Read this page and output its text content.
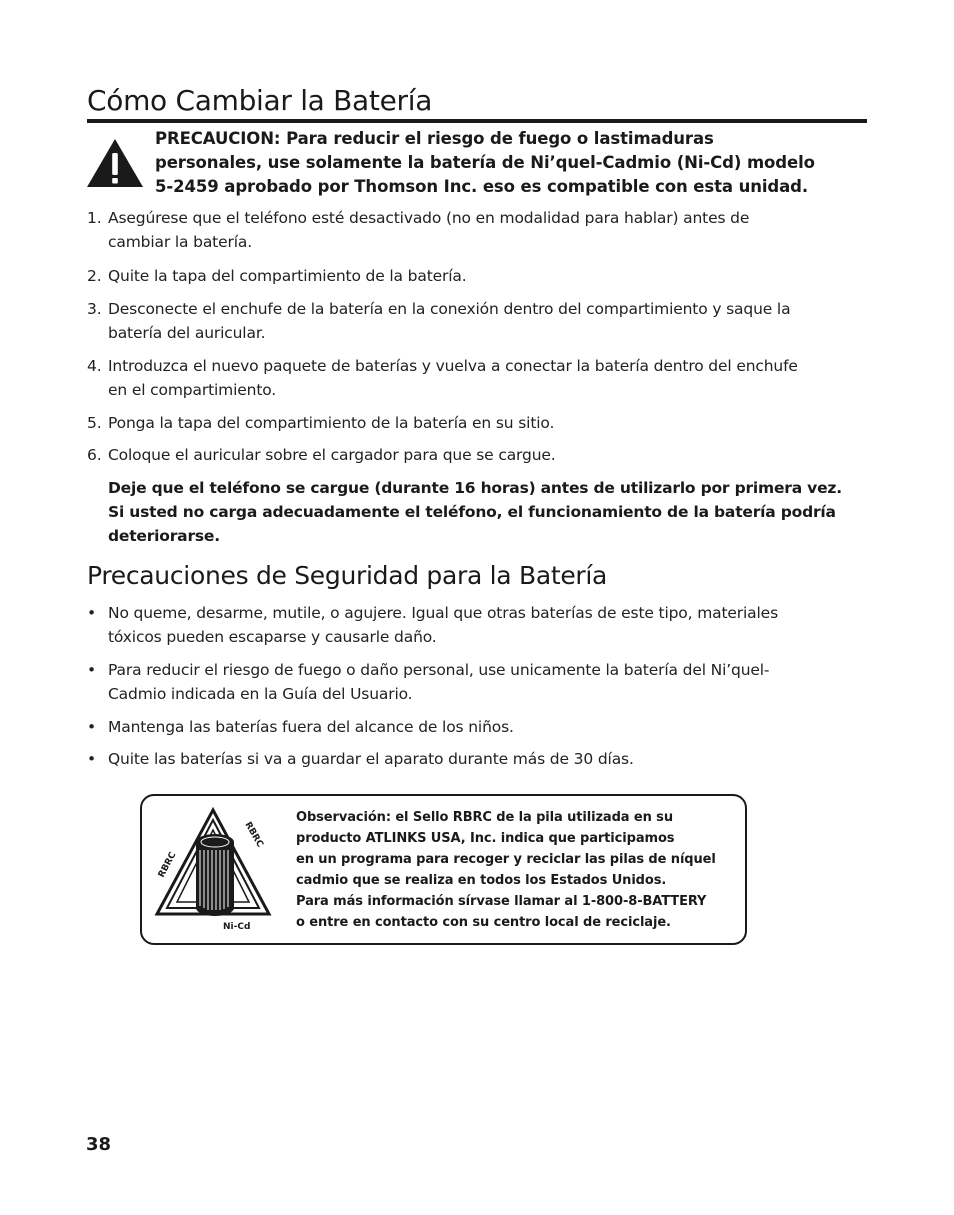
Cómo Cambiar la Batería
PRECAUCION: Para reducir el riesgo de fuego o lastimaduras
personales, use solamente la batería de Ni’quel-Cadmio (Ni-Cd) modelo
5-2459 aprobado por Thomson Inc. eso es compatible con esta unidad.
1. Asegúrese que el teléfono esté desactivado (no en modalidad para hablar) antes de
cambiar la batería.
2. Quite la tapa del compartimiento de la batería.
3. Desconecte el enchufe de la batería en la conexión dentro del compartimiento y saque la
batería del auricular.
4. Introduzca el nuevo paquete de baterías y vuelva a conectar la batería dentro del enchufe
en el compartimiento.
5. Ponga la tapa del compartimiento de la batería en su sitio.
6. Coloque el auricular sobre el cargador para que se cargue.
Deje que el teléfono se cargue (durante 16 horas) antes de utilizarlo por primera vez.
Si usted no carga adecuadamente el teléfono, el funcionamiento de la batería podría
deteriorarse.
Precauciones de Seguridad para la Batería
• No queme, desarme, mutile, o agujere. Igual que otras baterías de este tipo, materiales
tóxicos pueden escaparse y causarle daño.
• Para reducir el riesgo de fuego o daño personal, use unicamente la batería del Ni’quel-
Cadmio indicada en la Guía del Usuario.
• Mantenga las baterías fuera del alcance de los niños.
• Quite las baterías si va a guardar el aparato durante más de 30 días.
RBRC
RBRC
Ni-Cd
Observación: el Sello RBRC de la pila utilizada en su
producto ATLINKS USA, Inc. indica que participamos
en un programa para recoger y reciclar las pilas de níquel
cadmio que se realiza en todos los Estados Unidos.
Para más información sírvase llamar al 1-800-8-BATTERY
o entre en contacto con su centro local de reciclaje.
38
